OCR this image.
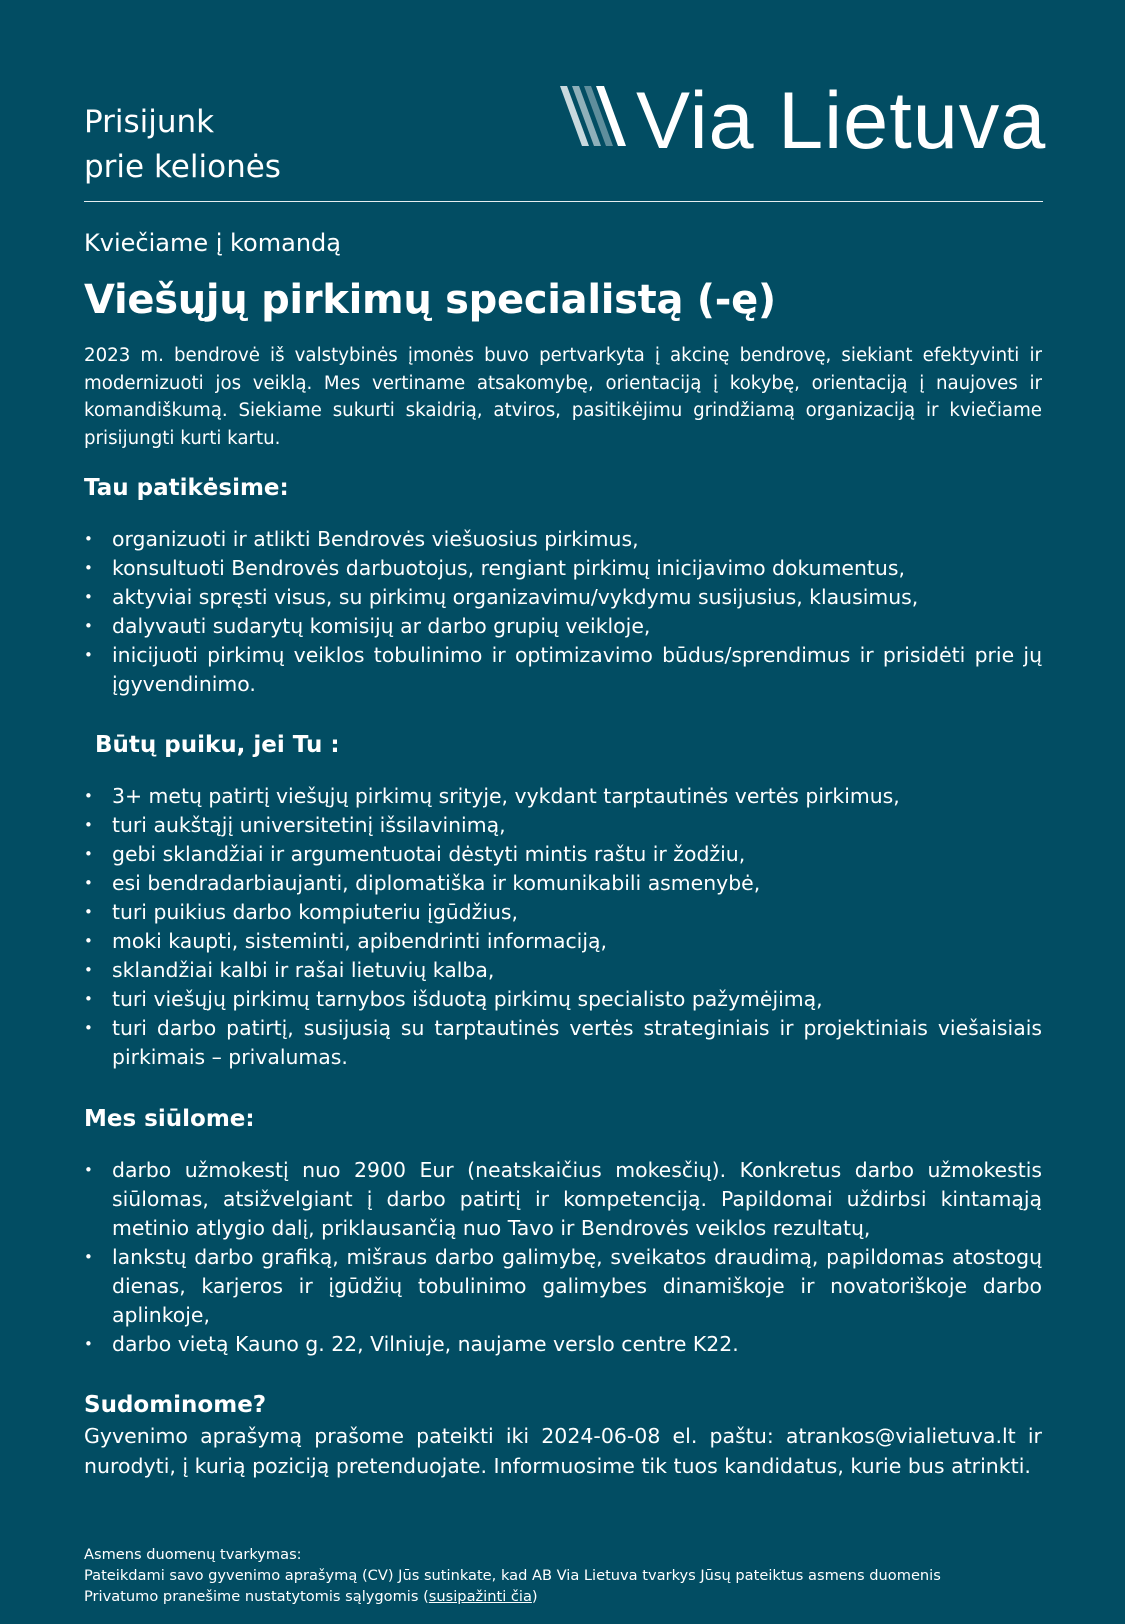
Prisijunk
prie kelionės
Via Lietuva

Kviečiame į komandą

Viešųjų pirkimų specialistą (-ę)

2023 m. bendrovė iš valstybinės įmonės buvo pertvarkyta į akcinę bendrovę, siekiant efektyvinti ir modernizuoti jos veiklą. Mes vertiname atsakomybę, orientaciją į kokybę, orientaciją į naujoves ir komandiškumą. Siekiame sukurti skaidrią, atviros, pasitikėjimu grindžiamą organizaciją ir kviečiame prisijungti kurti kartu.

Tau patikėsime:
• organizuoti ir atlikti Bendrovės viešuosius pirkimus,
• konsultuoti Bendrovės darbuotojus, rengiant pirkimų inicijavimo dokumentus,
• aktyviai spręsti visus, su pirkimų organizavimu/vykdymu susijusius, klausimus,
• dalyvauti sudarytų komisijų ar darbo grupių veikloje,
• inicijuoti pirkimų veiklos tobulinimo ir optimizavimo būdus/sprendimus ir prisidėti prie jų įgyvendinimo.
Būtų puiku, jei Tu :
• 3+ metų patirtį viešųjų pirkimų srityje, vykdant tarptautinės vertės pirkimus,
• turi aukštąjį universitetinį išsilavinimą,
• gebi sklandžiai ir argumentuotai dėstyti mintis raštu ir žodžiu,
• esi bendradarbiaujanti, diplomatiška ir komunikabili asmenybė,
• turi puikius darbo kompiuteriu įgūdžius,
• moki kaupti, sisteminti, apibendrinti informaciją,
• sklandžiai kalbi ir rašai lietuvių kalba,
• turi viešųjų pirkimų tarnybos išduotą pirkimų specialisto pažymėjimą,
• turi darbo patirtį, susijusią su tarptautinės vertės strateginiais ir projektiniais viešaisiais pirkimais – privalumas.
Mes siūlome:
• darbo užmokestį nuo 2900 Eur (neatskaičius mokesčių). Konkretus darbo užmokestis siūlomas, atsižvelgiant į darbo patirtį ir kompetenciją. Papildomai uždirbsi kintamąją metinio atlygio dalį, priklausančią nuo Tavo ir Bendrovės veiklos rezultatų,
• lankstų darbo grafiką, mišraus darbo galimybę, sveikatos draudimą, papildomas atostogų dienas, karjeros ir įgūdžių tobulinimo galimybes dinamiškoje ir novatoriškoje darbo aplinkoje,
• darbo vietą Kauno g. 22, Vilniuje, naujame verslo centre K22.
Sudominome?

Gyvenimo aprašymą prašome pateikti iki 2024-06-08 el. paštu: atrankos@vialietuva.lt ir nurodyti, į kurią poziciją pretenduojate. Informuosime tik tuos kandidatus, kurie bus atrinkti.

Asmens duomenų tvarkymas:

Pateikdami savo gyvenimo aprašymą (CV) Jūs sutinkate, kad AB Via Lietuva tvarkys Jūsų pateiktus asmens duomenis

Privatumo pranešime nustatytomis sąlygomis (susipažinti čia)
